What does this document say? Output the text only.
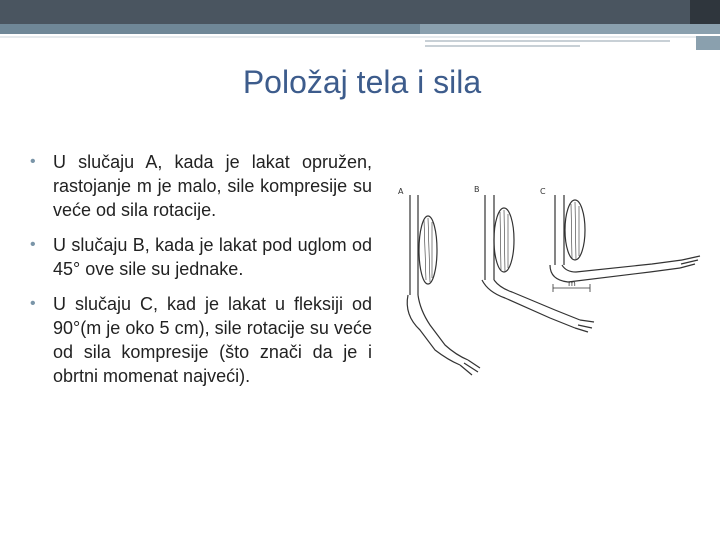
Položaj tela i sila
• U slučaju A, kada je lakat opružen, rastojanje m je malo, sile kompresije su veće od sila rotacije.
• U slučaju B, kada je lakat pod uglom od 45° ove sile su jednake.
• U slučaju C, kad je lakat u fleksiji od 90°(m je oko 5 cm), sile rotacije su veće od sila kompresije (što znači da je i obrtni momenat najveći).
A	B	C
m
